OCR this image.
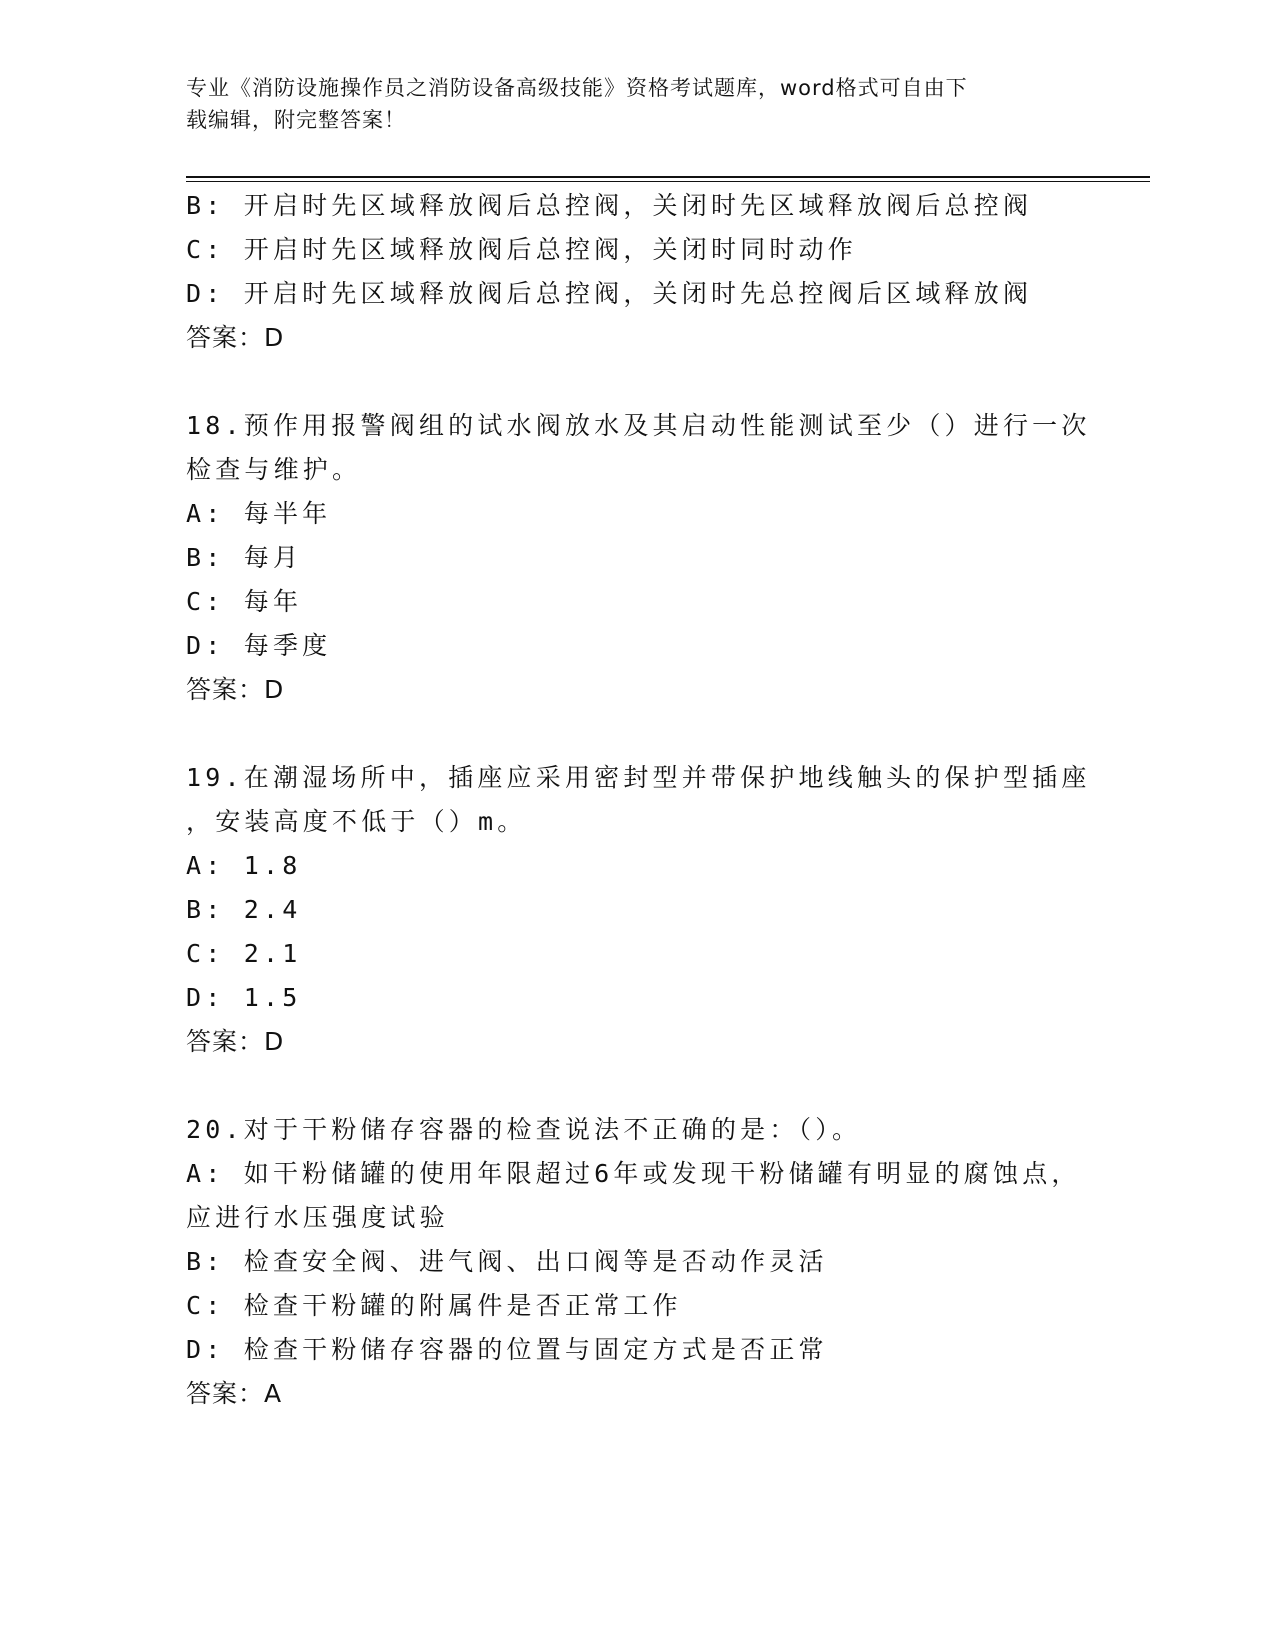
专业《消防设施操作员之消防设备高级技能》资格考试题库，word格式可自由下
载编辑，附完整答案！
B: 开启时先区域释放阀后总控阀，关闭时先区域释放阀后总控阀
C: 开启时先区域释放阀后总控阀，关闭时同时动作
D: 开启时先区域释放阀后总控阀，关闭时先总控阀后区域释放阀
答案：D
18.预作用报警阀组的试水阀放水及其启动性能测试至少（）进行一次
检查与维护。
A: 每半年
B: 每月
C: 每年
D: 每季度
答案：D
19.在潮湿场所中，插座应采用密封型并带保护地线触头的保护型插座
，安装高度不低于（）m。
A: 1.8
B: 2.4
C: 2.1
D: 1.5
答案：D
20.对于干粉储存容器的检查说法不正确的是：（）。
A: 如干粉储罐的使用年限超过6年或发现干粉储罐有明显的腐蚀点，
应进行水压强度试验
B: 检查安全阀、进气阀、出口阀等是否动作灵活
C: 检查干粉罐的附属件是否正常工作
D: 检查干粉储存容器的位置与固定方式是否正常
答案：A
